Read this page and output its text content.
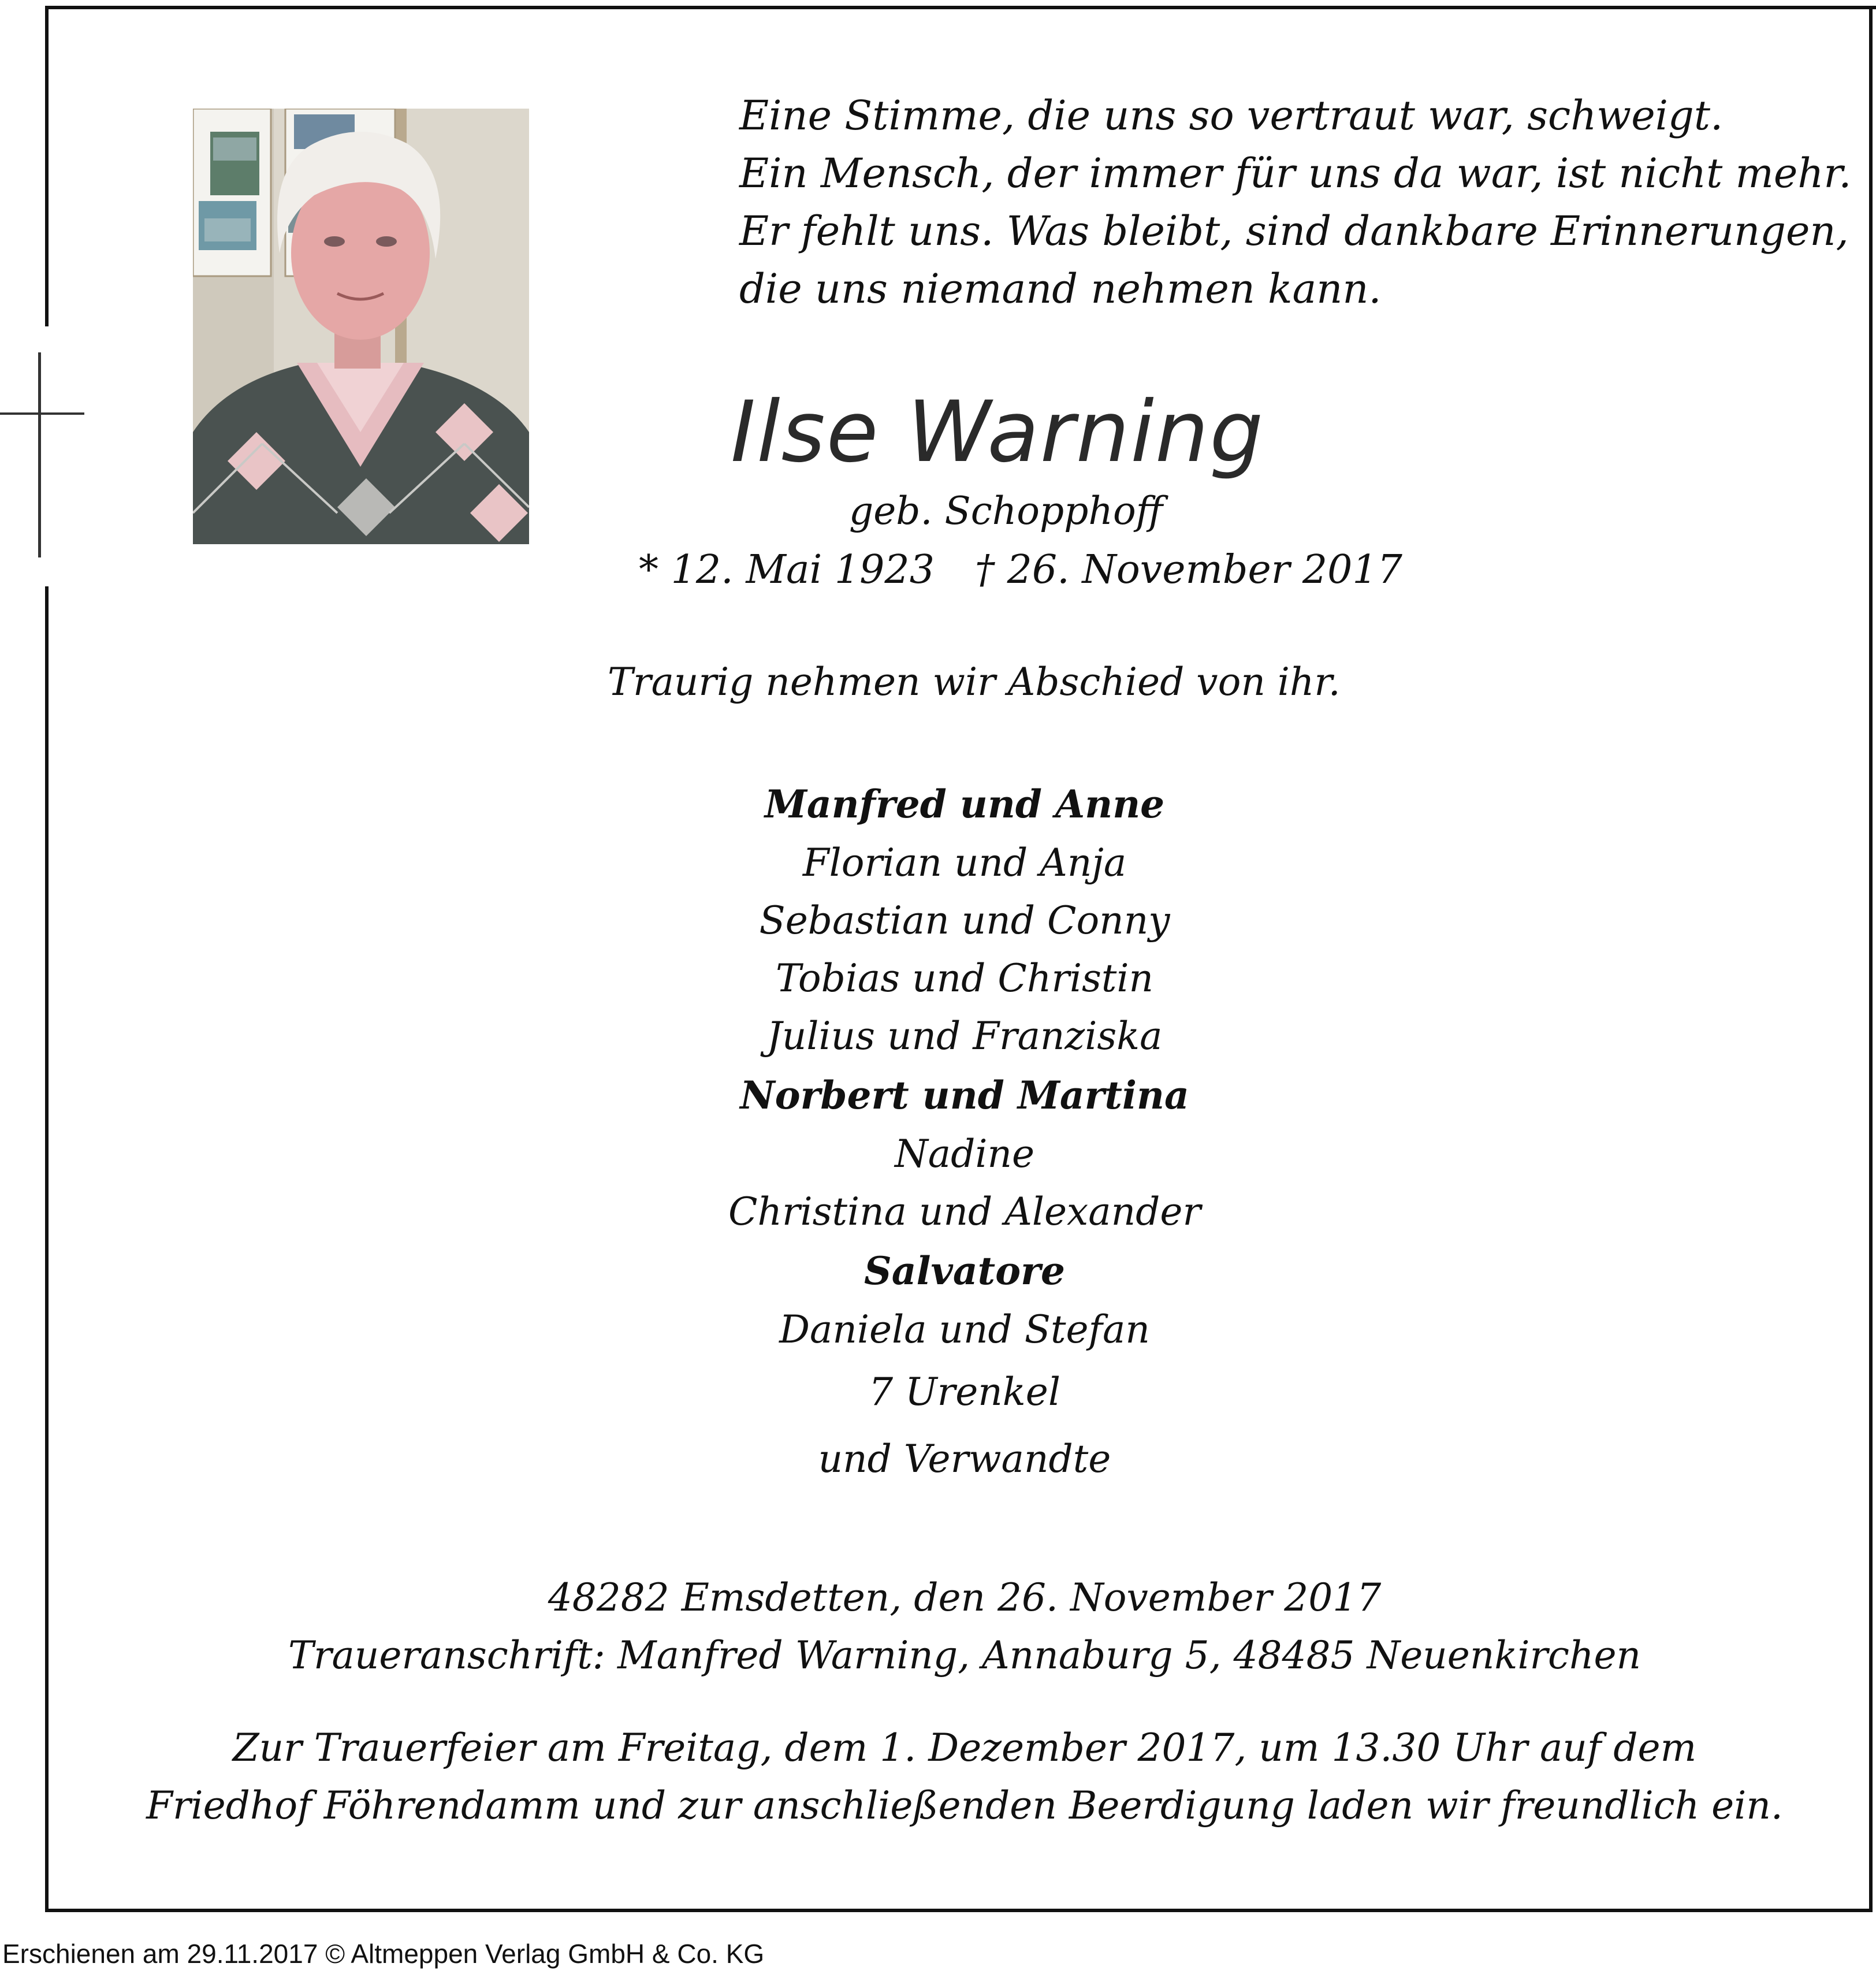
Eine Stimme, die uns so vertraut war, schweigt.
Ein Mensch, der immer für uns da war, ist nicht mehr.
Er fehlt uns. Was bleibt, sind dankbare Erinnerungen,
die uns niemand nehmen kann.
Ilse Warning
geb. Schopphoff
* 12. Mai 1923 † 26. November 2017
Traurig nehmen wir Abschied von ihr.
Manfred und Anne
Florian und Anja
Sebastian und Conny
Tobias und Christin
Julius und Franziska
Norbert und Martina
Nadine
Christina und Alexander
Salvatore
Daniela und Stefan
7 Urenkel
und Verwandte
48282 Emsdetten, den 26. November 2017
Traueranschrift: Manfred Warning, Annaburg 5, 48485 Neuenkirchen
Zur Trauerfeier am Freitag, dem 1. Dezember 2017, um 13.30 Uhr auf dem
Friedhof Föhrendamm und zur anschließenden Beerdigung laden wir freundlich ein.
Erschienen am 29.11.2017 © Altmeppen Verlag GmbH & Co. KG
